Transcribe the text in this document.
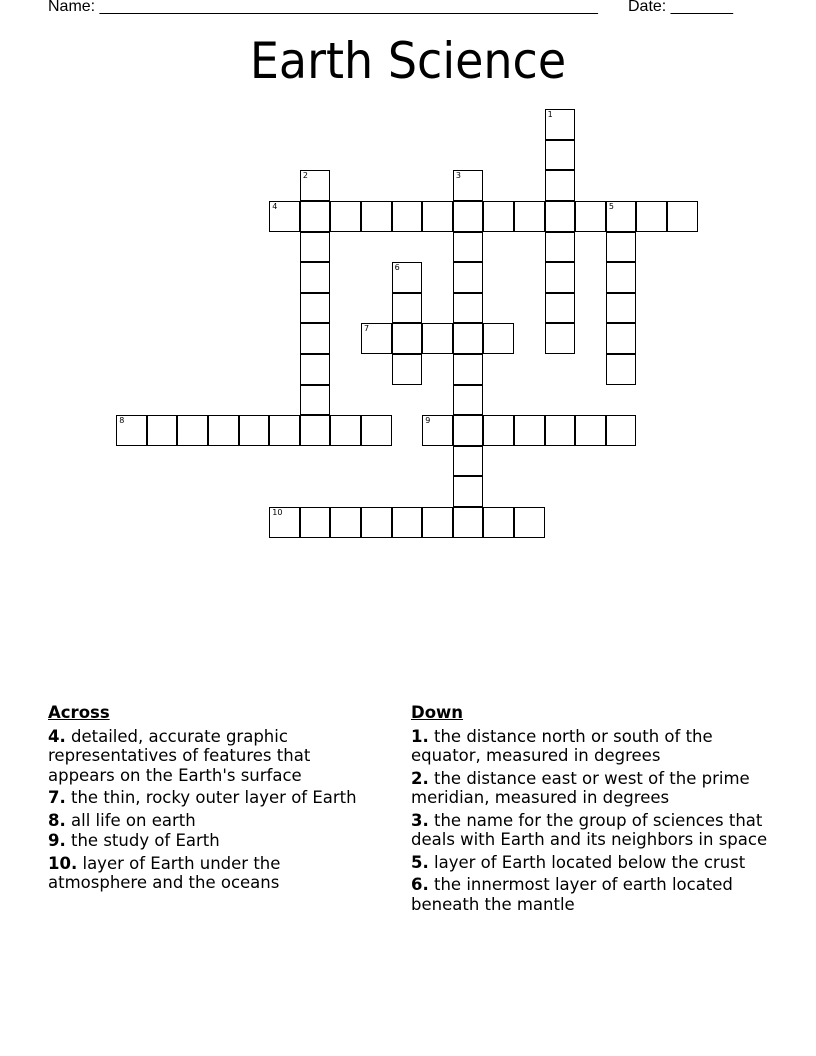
Name: ________________________________________________________ Date: _______
Earth Science
1
2	3
4	5
6
7
8	9
10
Across
4. detailed, accurate graphic representatives of features that appears on the Earth's surface
7. the thin, rocky outer layer of Earth
8. all life on earth
9. the study of Earth
10. layer of Earth under the atmosphere and the oceans
Down
1. the distance north or south of the equator, measured in degrees
2. the distance east or west of the prime meridian, measured in degrees
3. the name for the group of sciences that deals with Earth and its neighbors in space
5. layer of Earth located below the crust
6. the innermost layer of earth located beneath the mantle
